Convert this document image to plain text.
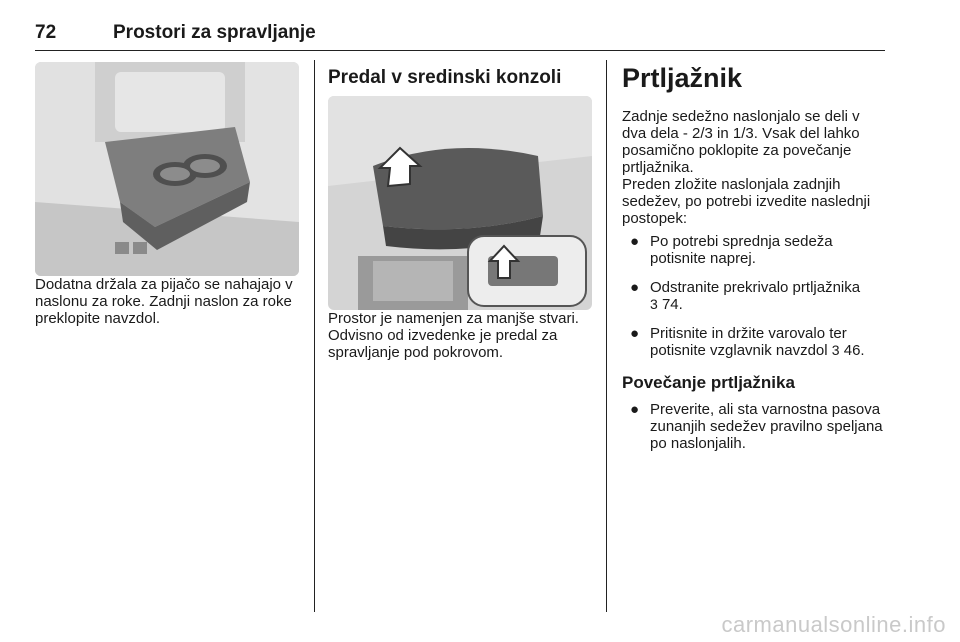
72	Prostori za spravljanje

Dodatna držala za pijačo se nahajajo v naslonu za roke. Zadnji naslon za roke preklopite navzdol.

Predal v sredinski konzoli

Prostor je namenjen za manjše stvari.

Odvisno od izvedenke je predal za spravljanje pod pokrovom.

Prtljažnik

Zadnje sedežno naslonjalo se deli v dva dela - 2/3 in 1/3. Vsak del lahko posamično poklopite za povečanje prtljažnika.

Preden zložite naslonjala zadnjih sedežev, po potrebi izvedite naslednji postopek:

● Po potrebi sprednja sedeža potisnite naprej.
● Odstranite prekrivalo prtljažnika
3 74.
● Pritisnite in držite varovalo ter potisnite vzglavnik navzdol 3 46.
Povečanje prtljažnika
● Preverite, ali sta varnostna pasova zunanjih sedežev pravilno speljana po naslonjalih.
carmanualsonline.info
